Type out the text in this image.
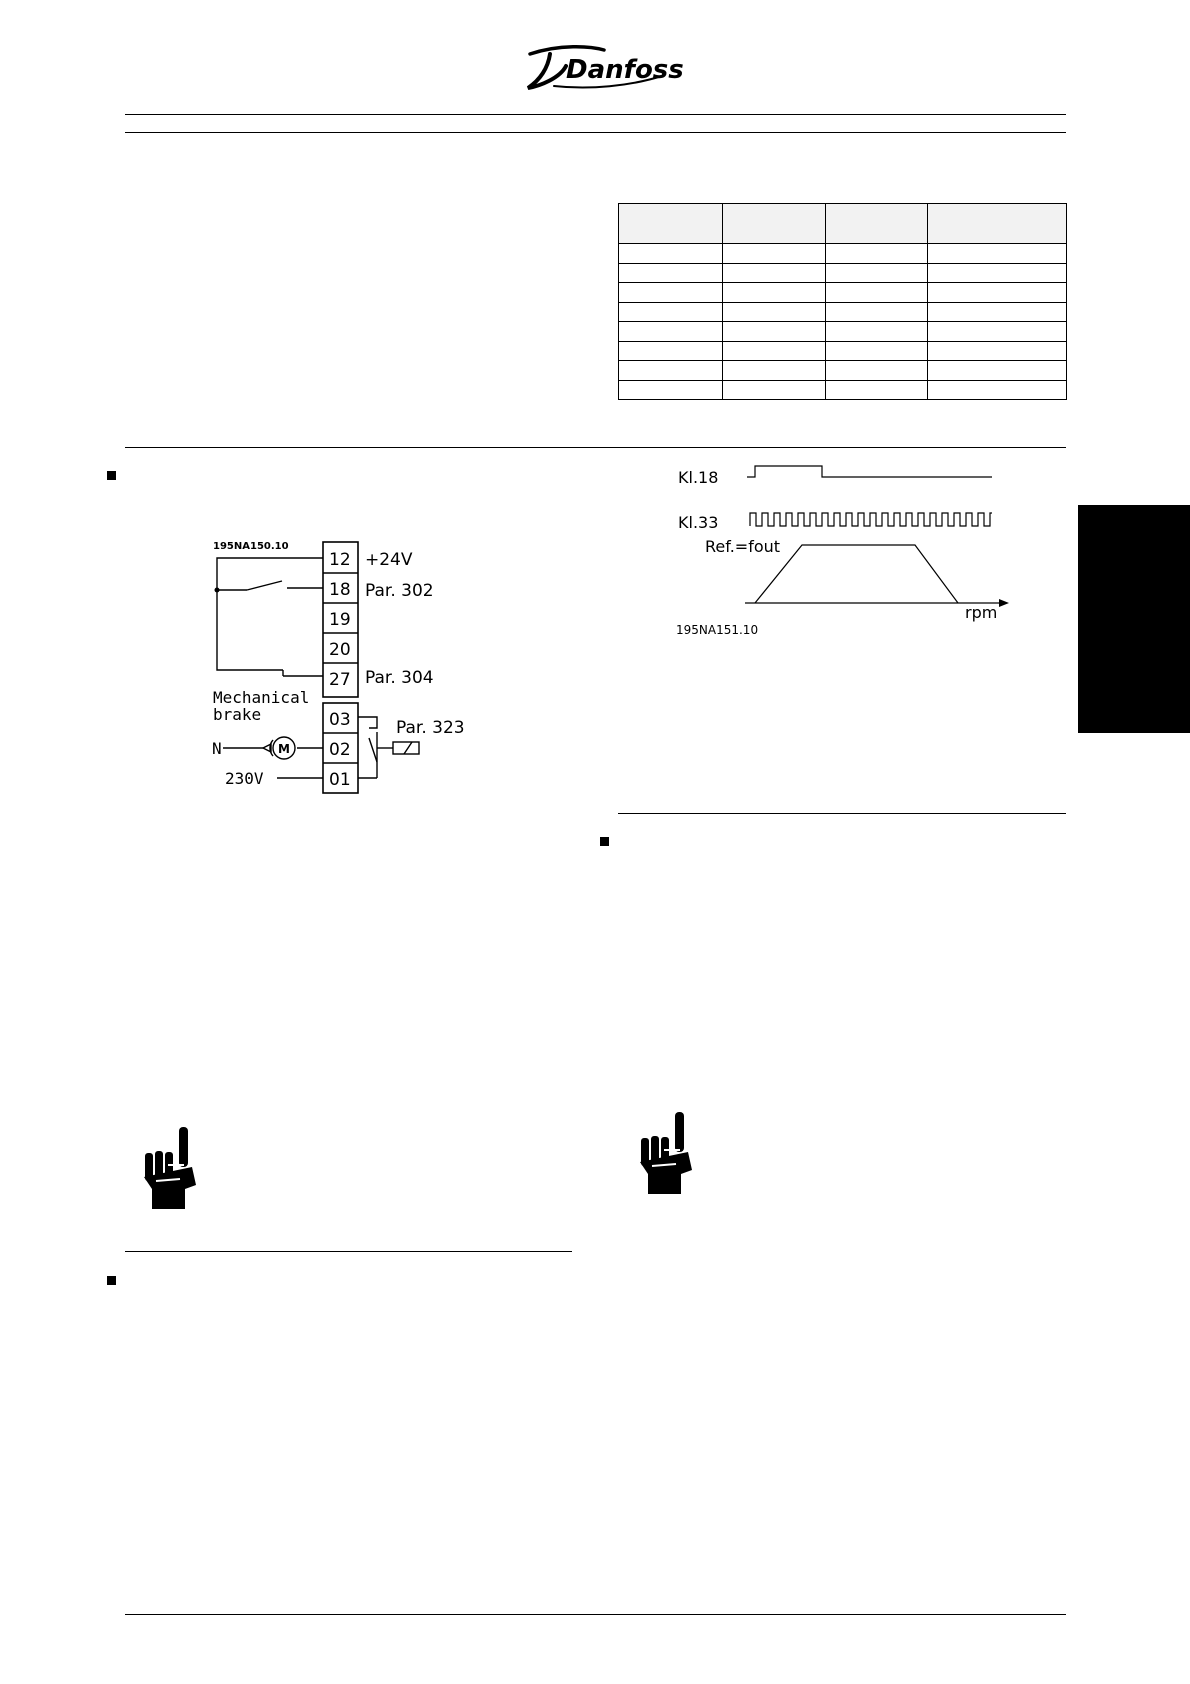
Danfoss

195NA150.10
12
18
19
20
27
03
02
01
+24V
Par. 302
Par. 304
Par. 323
M
Mechanical
brake
N
230V
Kl.18
Kl.33
Ref.=fout
rpm
195NA151.10
